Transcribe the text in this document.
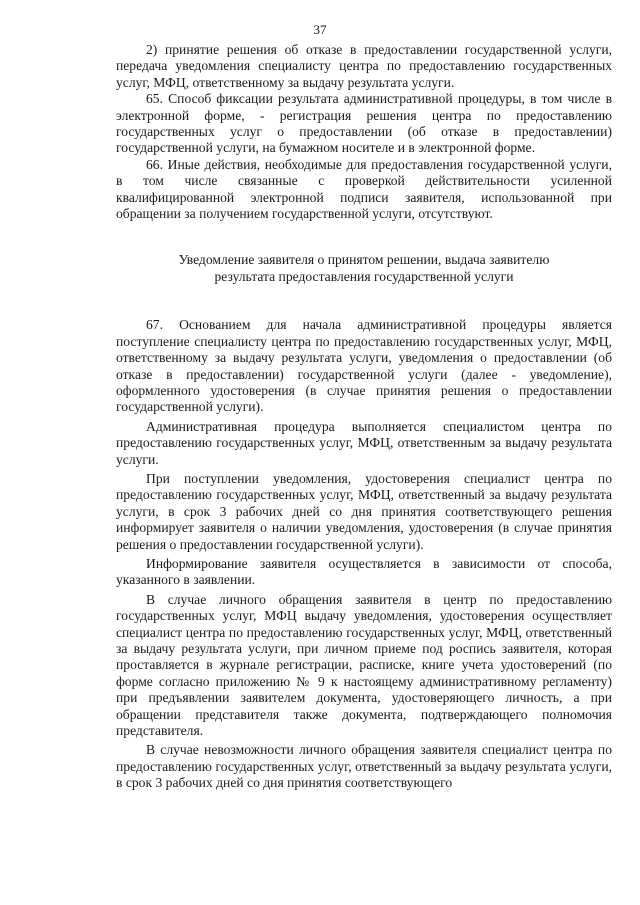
37

2) принятие решения об отказе в предоставлении государственной услуги, передача уведомления специалисту центра по предоставлению государственных услуг, МФЦ, ответственному за выдачу результата услуги.

65. Способ фиксации результата административной процедуры, в том числе в электронной форме, - регистрация решения центра по предоставлению государственных услуг о предоставлении (об отказе в предоставлении) государственной услуги, на бумажном носителе и в электронной форме.

66. Иные действия, необходимые для предоставления государственной услуги, в том числе связанные с проверкой действительности усиленной квалифицированной электронной подписи заявителя, использованной при обращении за получением государственной услуги, отсутствуют.

Уведомление заявителя о принятом решении, выдача заявителю
результата предоставления государственной услуги

67. Основанием для начала административной процедуры является поступление специалисту центра по предоставлению государственных услуг, МФЦ, ответственному за выдачу результата услуги, уведомления о предоставлении (об отказе в предоставлении) государственной услуги (далее - уведомление), оформленного удостоверения (в случае принятия решения о предоставлении государственной услуги).

Административная процедура выполняется специалистом центра по предоставлению государственных услуг, МФЦ, ответственным за выдачу результата услуги.

При поступлении уведомления, удостоверения специалист центра по предоставлению государственных услуг, МФЦ, ответственный за выдачу результата услуги, в срок 3 рабочих дней со дня принятия соответствующего решения информирует заявителя о наличии уведомления, удостоверения (в случае принятия решения о предоставлении государственной услуги).

Информирование заявителя осуществляется в зависимости от способа, указанного в заявлении.

В случае личного обращения заявителя в центр по предоставлению государственных услуг, МФЦ выдачу уведомления, удостоверения осуществляет специалист центра по предоставлению государственных услуг, МФЦ, ответственный за выдачу результата услуги, при личном приеме под роспись заявителя, которая проставляется в журнале регистрации, расписке, книге учета удостоверений (по форме согласно приложению № 9 к настоящему административному регламенту) при предъявлении заявителем документа, удостоверяющего личность, а при обращении представителя также документа, подтверждающего полномочия представителя.

В случае невозможности личного обращения заявителя специалист центра по предоставлению государственных услуг, ответственный за выдачу результата услуги, в срок 3 рабочих дней со дня принятия соответствующего
